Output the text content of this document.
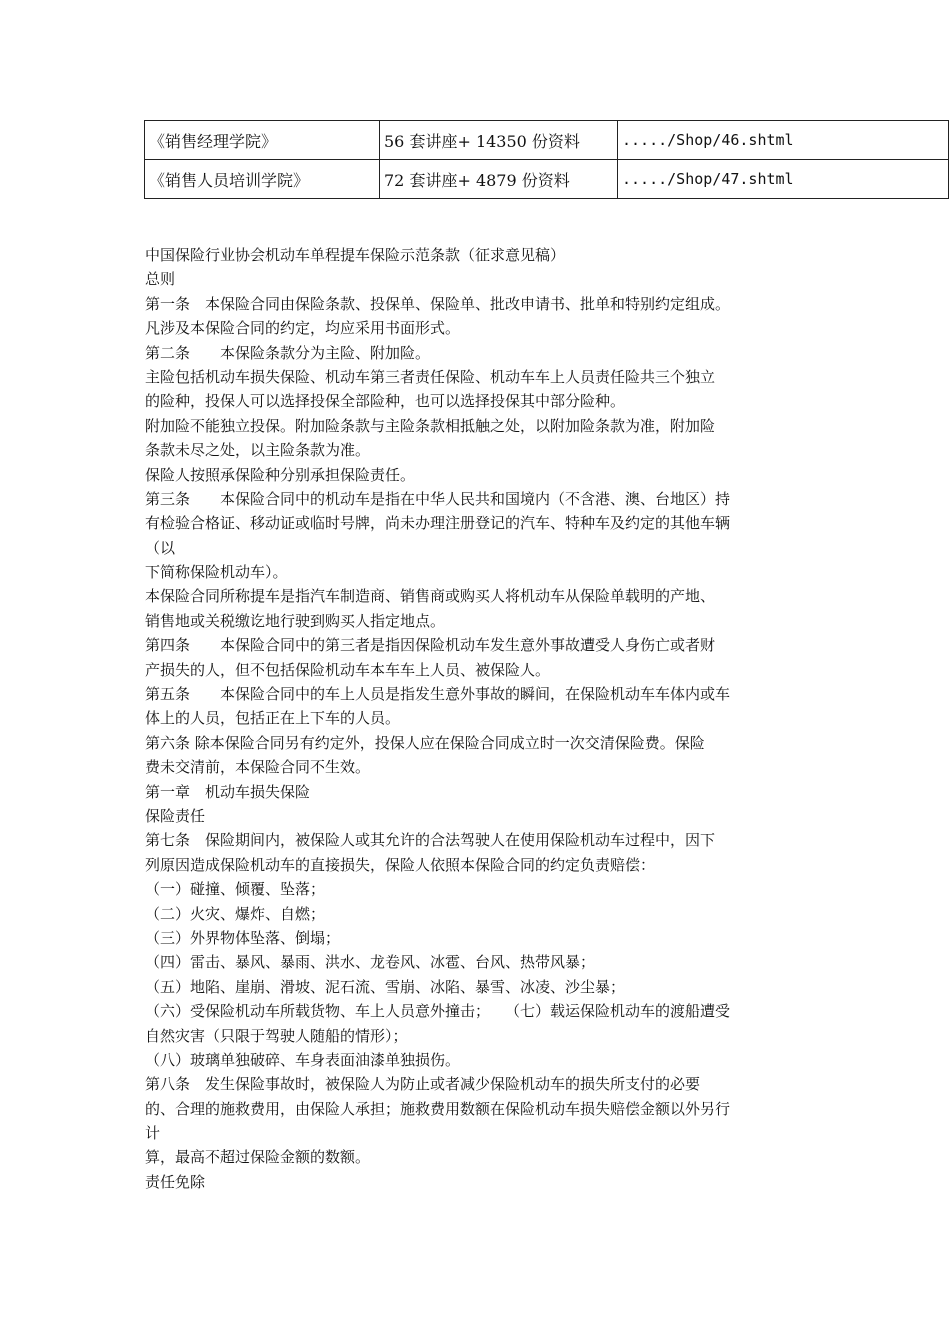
《销售经理学院》	56 套讲座+ 14350 份资料	...../Shop/46.shtml
《销售人员培训学院》	72 套讲座+ 4879 份资料	...../Shop/47.shtml
中国保险行业协会机动车单程提车保险示范条款（征求意见稿）
总则
第一条　本保险合同由保险条款、投保单、保险单、批改申请书、批单和特别约定组成。
凡涉及本保险合同的约定，均应采用书面形式。
第二条　　本保险条款分为主险、附加险。
主险包括机动车损失保险、机动车第三者责任保险、机动车车上人员责任险共三个独立
的险种，投保人可以选择投保全部险种，也可以选择投保其中部分险种。
附加险不能独立投保。附加险条款与主险条款相抵触之处，以附加险条款为准，附加险
条款未尽之处，以主险条款为准。
保险人按照承保险种分别承担保险责任。
第三条　　本保险合同中的机动车是指在中华人民共和国境内（不含港、澳、台地区）持
有检验合格证、移动证或临时号牌，尚未办理注册登记的汽车、特种车及约定的其他车辆
（以
下简称保险机动车）。
本保险合同所称提车是指汽车制造商、销售商或购买人将机动车从保险单载明的产地、
销售地或关税缴讫地行驶到购买人指定地点。
第四条　　本保险合同中的第三者是指因保险机动车发生意外事故遭受人身伤亡或者财
产损失的人，但不包括保险机动车本车车上人员、被保险人。
第五条　　本保险合同中的车上人员是指发生意外事故的瞬间，在保险机动车车体内或车
体上的人员，包括正在上下车的人员。
第六条 除本保险合同另有约定外，投保人应在保险合同成立时一次交清保险费。保险
费未交清前，本保险合同不生效。
第一章　机动车损失保险
保险责任
第七条　保险期间内，被保险人或其允许的合法驾驶人在使用保险机动车过程中，因下
列原因造成保险机动车的直接损失，保险人依照本保险合同的约定负责赔偿：
（一）碰撞、倾覆、坠落；
（二）火灾、爆炸、自燃；
（三）外界物体坠落、倒塌；
（四）雷击、暴风、暴雨、洪水、龙卷风、冰雹、台风、热带风暴；
（五）地陷、崖崩、滑坡、泥石流、雪崩、冰陷、暴雪、冰凌、沙尘暴；
（六）受保险机动车所载货物、车上人员意外撞击；　　（七）载运保险机动车的渡船遭受
自然灾害（只限于驾驶人随船的情形）；
（八）玻璃单独破碎、车身表面油漆单独损伤。
第八条　发生保险事故时，被保险人为防止或者减少保险机动车的损失所支付的必要
的、合理的施救费用，由保险人承担；施救费用数额在保险机动车损失赔偿金额以外另行
计
算，最高不超过保险金额的数额。
责任免除
